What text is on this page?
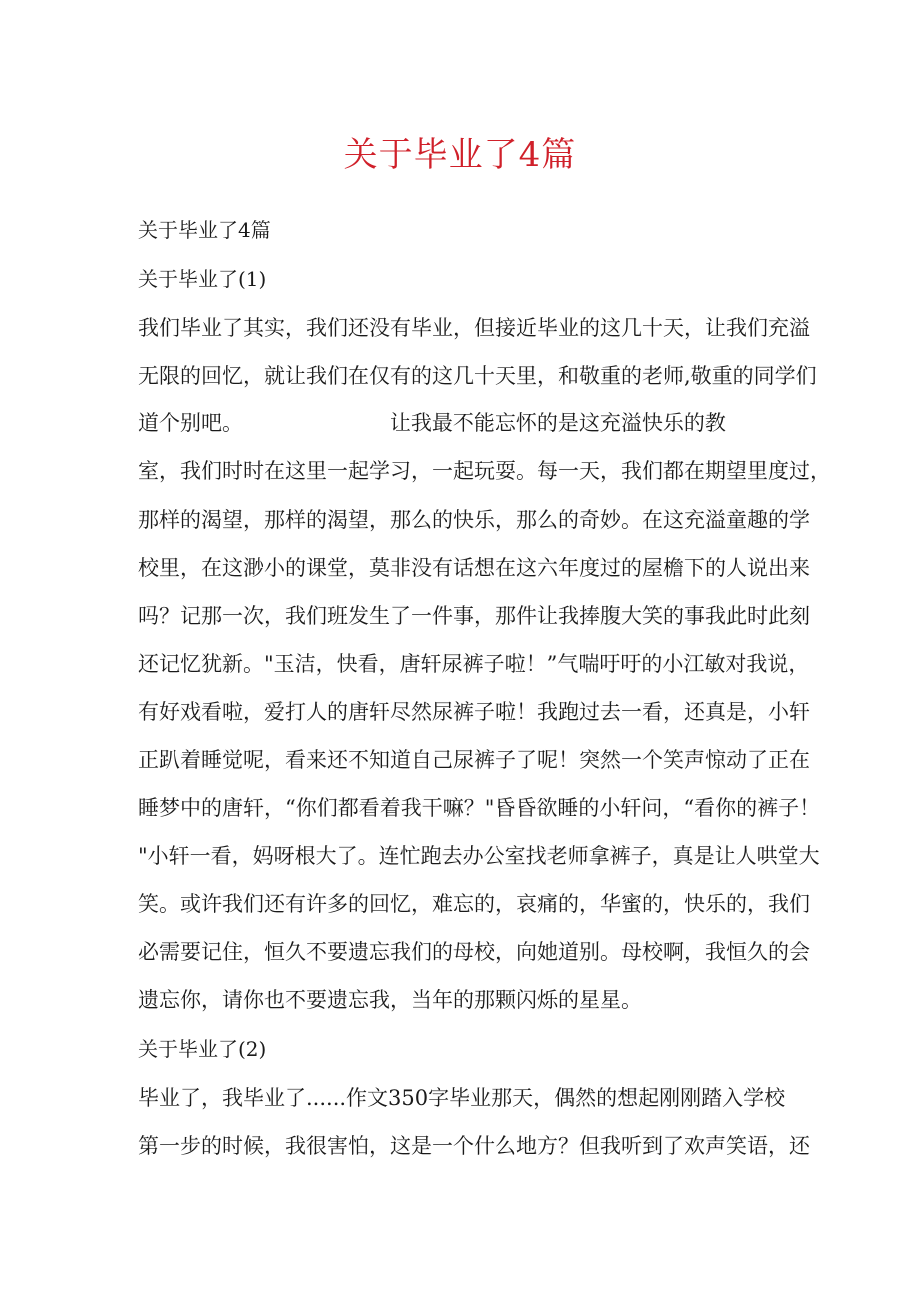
关于毕业了4篇
关于毕业了4篇
关于毕业了(1)
我们毕业了其实，我们还没有毕业，但接近毕业的这几十天，让我们充溢
无限的回忆，就让我们在仅有的这几十天里，和敬重的老师,敬重的同学们
道个别吧。                      让我最不能忘怀的是这充溢快乐的教
室，我们时时在这里一起学习，一起玩耍。每一天，我们都在期望里度过，
那样的渴望，那样的渴望，那么的快乐，那么的奇妙。在这充溢童趣的学
校里，在这渺小的课堂，莫非没有话想在这六年度过的屋檐下的人说出来
吗？记那一次，我们班发生了一件事，那件让我捧腹大笑的事我此时此刻
还记忆犹新。"玉洁，快看，唐轩尿裤子啦！”气喘吁吁的小江敏对我说，
有好戏看啦，爱打人的唐轩尽然尿裤子啦！我跑过去一看，还真是，小轩
正趴着睡觉呢，看来还不知道自己尿裤子了呢！突然一个笑声惊动了正在
睡梦中的唐轩，“你们都看着我干嘛？"昏昏欲睡的小轩问，“看你的裤子！
"小轩一看，妈呀根大了。连忙跑去办公室找老师拿裤子，真是让人哄堂大
笑。或许我们还有许多的回忆，难忘的，哀痛的，华蜜的，快乐的，我们
必需要记住，恒久不要遗忘我们的母校，向她道别。母校啊，我恒久的会
遗忘你，请你也不要遗忘我，当年的那颗闪烁的星星。
关于毕业了(2)
毕业了，我毕业了......作文350字毕业那天，偶然的想起刚刚踏入学校
第一步的时候，我很害怕，这是一个什么地方？但我听到了欢声笑语，还
